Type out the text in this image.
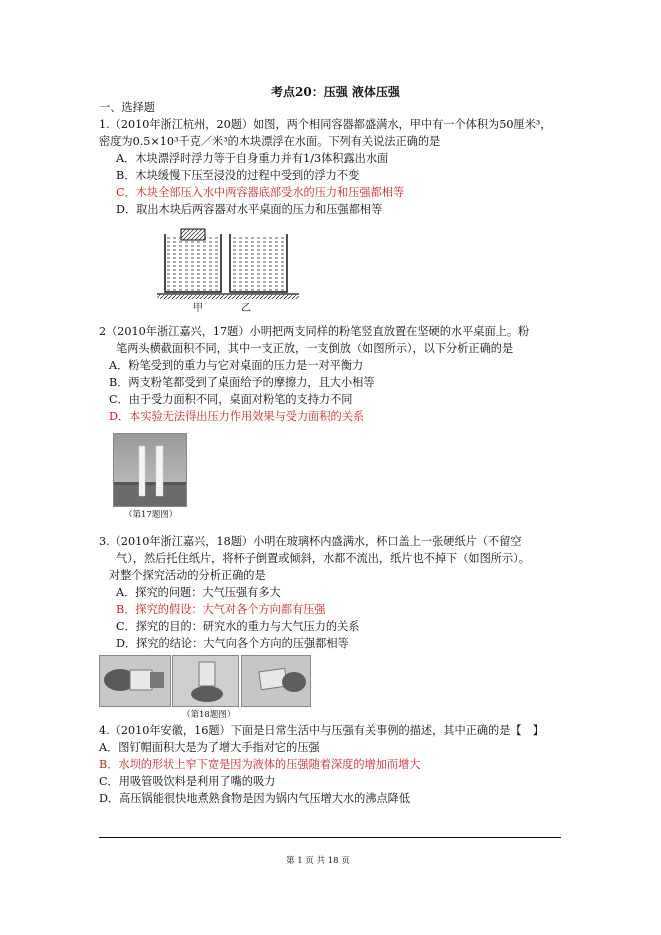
考点20：压强 液体压强
一、选择题
1.（2010年浙江杭州，20题）如图，两个相同容器都盛满水，甲中有一个体积为50厘米³，
密度为0.5×10³千克／米³的木块漂浮在水面。下列有关说法正确的是
A．木块漂浮时浮力等于自身重力并有1/3体积露出水面
B．木块缓慢下压至浸没的过程中受到的浮力不变
C．木块全部压入水中两容器底部受水的压力和压强都相等
D．取出木块后两容器对水平桌面的压力和压强都相等
甲	乙
2（2010年浙江嘉兴，17题）小明把两支同样的粉笔竖直放置在坚硬的水平桌面上。粉
笔两头横截面积不同，其中一支正放，一支倒放（如图所示），以下分析正确的是
A．粉笔受到的重力与它对桌面的压力是一对平衡力
B．两支粉笔都受到了桌面给予的摩擦力，且大小相等
C．由于受力面积不同，桌面对粉笔的支持力不同
D．本实验无法得出压力作用效果与受力面积的关系
（第17题图）
3.（2010年浙江嘉兴，18题）小明在玻璃杯内盛满水，杯口盖上一张硬纸片（不留空
气），然后托住纸片，将杯子倒置或倾斜，水都不流出，纸片也不掉下（如图所示）。
对整个探究活动的分析正确的是
A．探究的问题：大气压强有多大
B．探究的假设：大气对各个方向都有压强
C．探究的目的：研究水的重力与大气压力的关系
D．探究的结论：大气向各个方向的压强都相等
（第18题图）
4.（2010年安徽，16题）下面是日常生活中与压强有关事例的描述，其中正确的是【　】
A．图钉帽面积大是为了增大手指对它的压强
B．水坝的形状上窄下宽是因为液体的压强随着深度的增加而增大
C．用吸管吸饮料是利用了嘴的吸力
D．高压锅能很快地煮熟食物是因为锅内气压增大水的沸点降低
第 1 页 共 18 页
